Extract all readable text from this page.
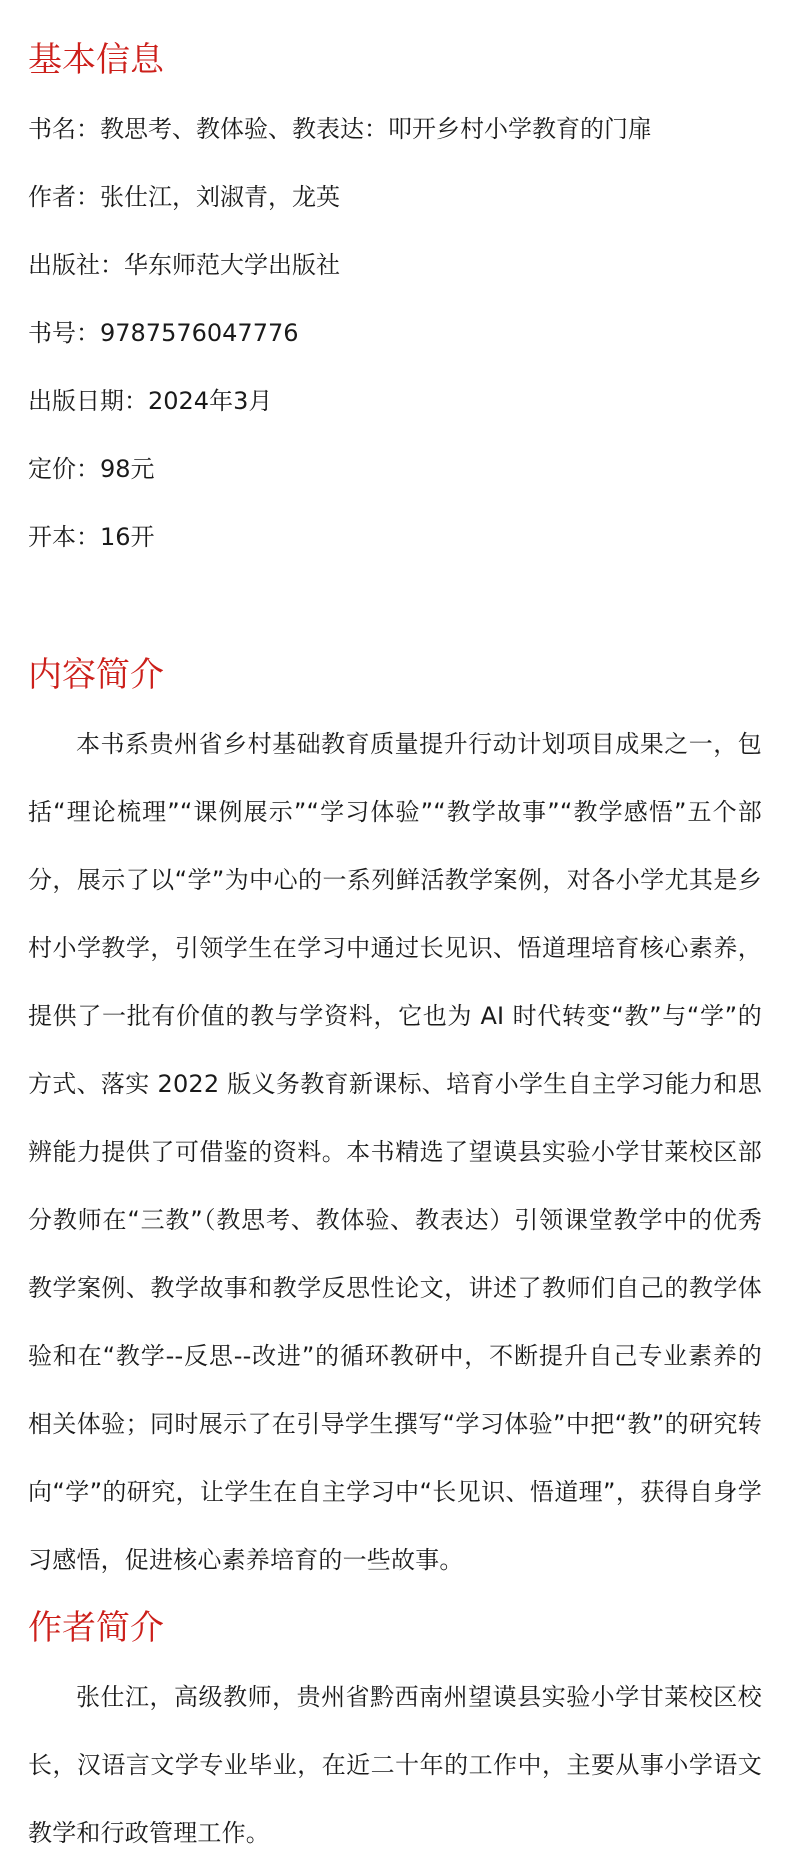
基本信息

书名：教思考、教体验、教表达：叩开乡村小学教育的门扉

作者：张仕江，刘淑青，龙英

出版社：华东师范大学出版社

书号：9787576047776

出版日期：2024年3月

定价：98元

开本：16开

内容简介

本书系贵州省乡村基础教育质量提升行动计划项目成果之一，包括“理论梳理”“课例展示”“学习体验”“教学故事”“教学感悟”五个部分，展示了以“学”为中心的一系列鲜活教学案例，对各小学尤其是乡村小学教学，引领学生在学习中通过长见识、悟道理培育核心素养，提供了一批有价值的教与学资料，它也为 AI 时代转变“教”与“学”的方式、落实 2022 版义务教育新课标、培育小学生自主学习能力和思辨能力提供了可借鉴的资料。本书精选了望谟县实验小学甘莱校区部分教师在“三教”（教思考、教体验、教表达）引领课堂教学中的优秀教学案例、教学故事和教学反思性论文，讲述了教师们自己的教学体验和在“教学--反思--改进”的循环教研中，不断提升自己专业素养的相关体验；同时展示了在引导学生撰写“学习体验”中把“教”的研究转向“学”的研究，让学生在自主学习中“长见识、悟道理”，获得自身学习感悟，促进核心素养培育的一些故事。

作者简介

张仕江，高级教师，贵州省黔西南州望谟县实验小学甘莱校区校长，汉语言文学专业毕业，在近二十年的工作中，主要从事小学语文教学和行政管理工作。
